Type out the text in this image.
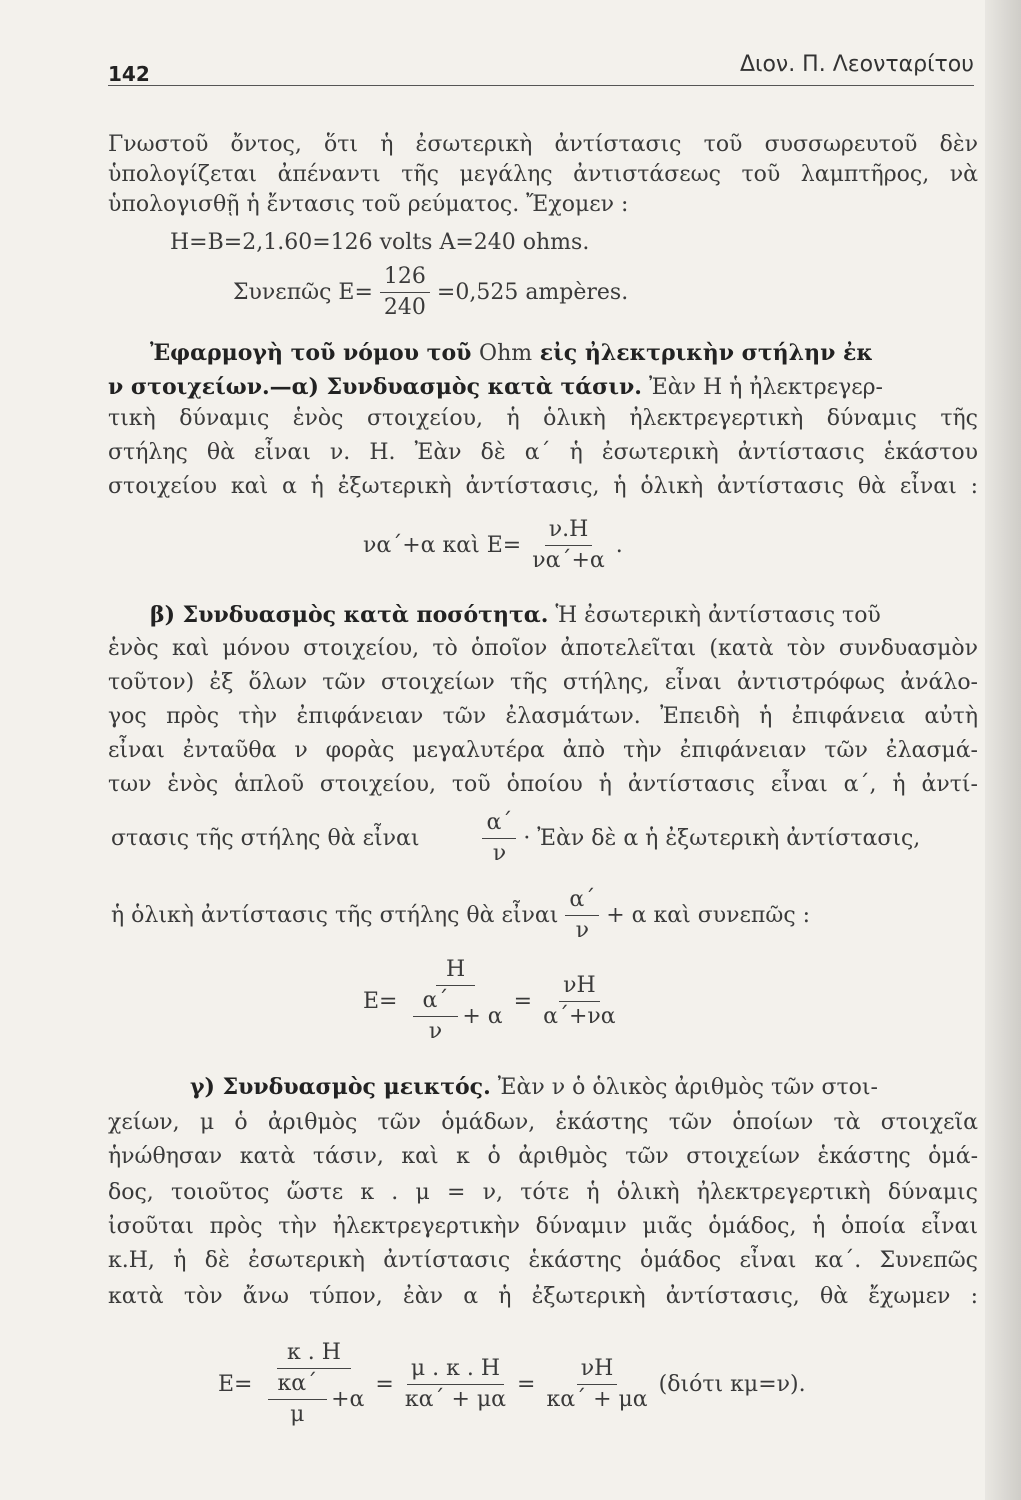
142	Διον. Π. Λεονταρίτου
Γνωστοῦ ὄντος, ὅτι ἡ ἐσωτερικὴ ἀντίστασις τοῦ συσσωρευτοῦ δὲν
ὑπολογίζεται ἀπέναντι τῆς μεγάλης ἀντιστάσεως τοῦ λαμπτῆρος, νὰ
ὑπολογισθῇ ἡ ἔντασις τοῦ ρεύματος. Ἔχομεν :
Η=Β=2,1.60=126 volts Α=240 ohms.
Συνεπῶς $E= \frac{126}{240} =0,525$ ampères.
Ἐφαρμογὴ τοῦ νόμου τοῦ Ohm εἰς ἠλεκτρικὴν στήλην ἐκ
ν στοιχείων.—α) Συνδυασμὸς κατὰ τάσιν. Ἐὰν Η ἡ ἠλεκτρεγερ-
τικὴ δύναμις ἑνὸς στοιχείου, ἡ ὁλικὴ ἠλεκτρεγερτικὴ δύναμις τῆς
στήλης θὰ εἶναι ν. Η. Ἐὰν δὲ α΄ ἡ ἐσωτερικὴ ἀντίστασις ἑκάστου
στοιχείου καὶ α ἡ ἐξωτερικὴ ἀντίστασις, ἡ ὁλικὴ ἀντίστασις θὰ εἶναι :
να΄+α καὶ $E= \frac{\nu.H}{\nu\alpha΄+\alpha}$ .
β) Συνδυασμὸς κατὰ ποσότητα. Ἡ ἐσωτερικὴ ἀντίστασις τοῦ
ἑνὸς καὶ μόνου στοιχείου, τὸ ὁποῖον ἀποτελεῖται (κατὰ τὸν συνδυασμὸν
τοῦτον) ἐξ ὅλων τῶν στοιχείων τῆς στήλης, εἶναι ἀντιστρόφως ἀνάλο-
γος πρὸς τὴν ἐπιφάνειαν τῶν ἐλασμάτων. Ἐπειδὴ ἡ ἐπιφάνεια αὐτὴ
εἶναι ἐνταῦθα ν φορὰς μεγαλυτέρα ἀπὸ τὴν ἐπιφάνειαν τῶν ἐλασμά-
των ἑνὸς ἁπλοῦ στοιχείου, τοῦ ὁποίου ἡ ἀντίστασις εἶναι α΄, ἡ ἀντί-
στασις τῆς στήλης θὰ εἶναι	$\frac{\alpha΄}{\nu}$ · Ἐὰν δὲ α ἡ ἐξωτερικὴ ἀντίστασις,
ἡ ὁλικὴ ἀντίστασις τῆς στήλης θὰ εἶναι $\frac{\alpha΄}{\nu} + \alpha$ καὶ συνεπῶς :
$E= \frac{H}{\frac{\alpha΄}{\nu} + \alpha} = \frac{\nu H}{\alpha΄+\nu\alpha}$
γ) Συνδυασμὸς μεικτός. Ἐὰν ν ὁ ὁλικὸς ἀριθμὸς τῶν στοι-
χείων, μ ὁ ἀριθμὸς τῶν ὁμάδων, ἑκάστης τῶν ὁποίων τὰ στοιχεῖα
ἡνώθησαν κατὰ τάσιν, καὶ κ ὁ ἀριθμὸς τῶν στοιχείων ἑκάστης ὁμά-
δος, τοιοῦτος ὥστε κ . μ = ν, τότε ἡ ὁλικὴ ἠλεκτρεγερτικὴ δύναμις
ἰσοῦται πρὸς τὴν ἠλεκτρεγερτικὴν δύναμιν μιᾶς ὁμάδος, ἡ ὁποία εἶναι
κ.Η, ἡ δὲ ἐσωτερικὴ ἀντίστασις ἑκάστης ὁμάδος εἶναι κα΄. Συνεπῶς
κατὰ τὸν ἄνω τύπον, ἐὰν α ἡ ἐξωτερικὴ ἀντίστασις, θὰ ἔχωμεν :
$E= \frac{\kappa . H}{\frac{\kappa\alpha΄}{\mu} +\alpha} = \frac{\mu . \kappa . H}{\kappa\alpha΄ + \mu\alpha} = \frac{\nu H}{\kappa\alpha΄ + \mu\alpha} (\delta\iota ό\tau\iota$ κμ=ν).
